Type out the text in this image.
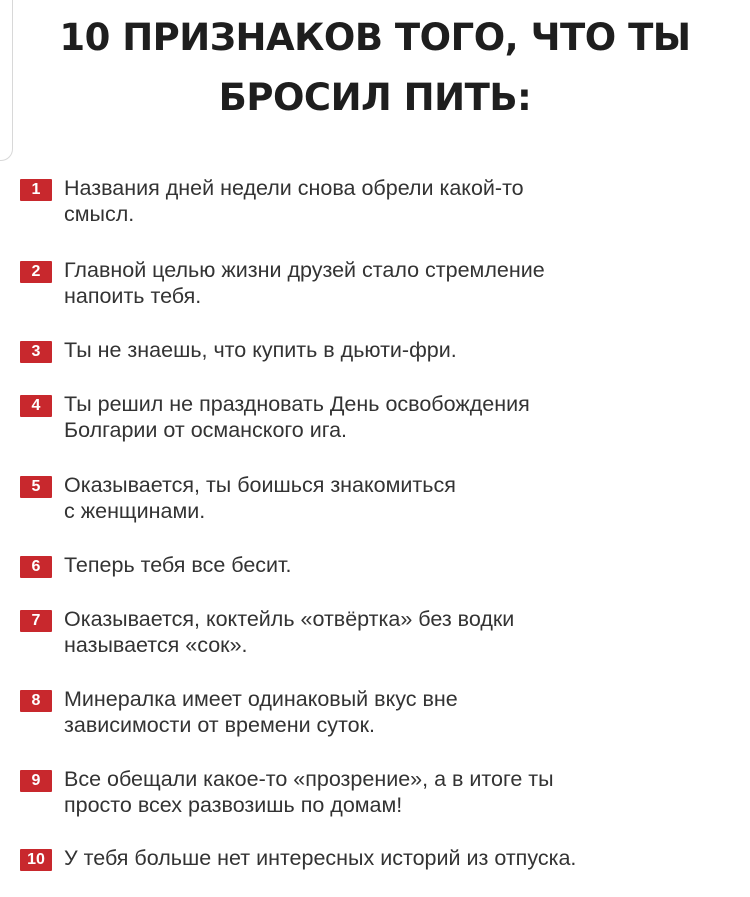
10 ПРИЗНАКОВ ТОГО, ЧТО ТЫ
БРОСИЛ ПИТЬ:
1	Названия дней недели снова обрели какой-то
смысл.
2	Главной целью жизни друзей стало стремление
напоить тебя.
3	Ты не знаешь, что купить в дьюти-фри.
4	Ты решил не праздновать День освобождения
Болгарии от османского ига.
5	Оказывается, ты боишься знакомиться
с женщинами.
6	Теперь тебя все бесит.
7	Оказывается, коктейль «отвёртка» без водки
называется «сок».
8	Минералка имеет одинаковый вкус вне
зависимости от времени суток.
9	Все обещали какое-то «прозрение», а в итоге ты
просто всех развозишь по домам!
10 У тебя больше нет интересных историй из отпуска.
